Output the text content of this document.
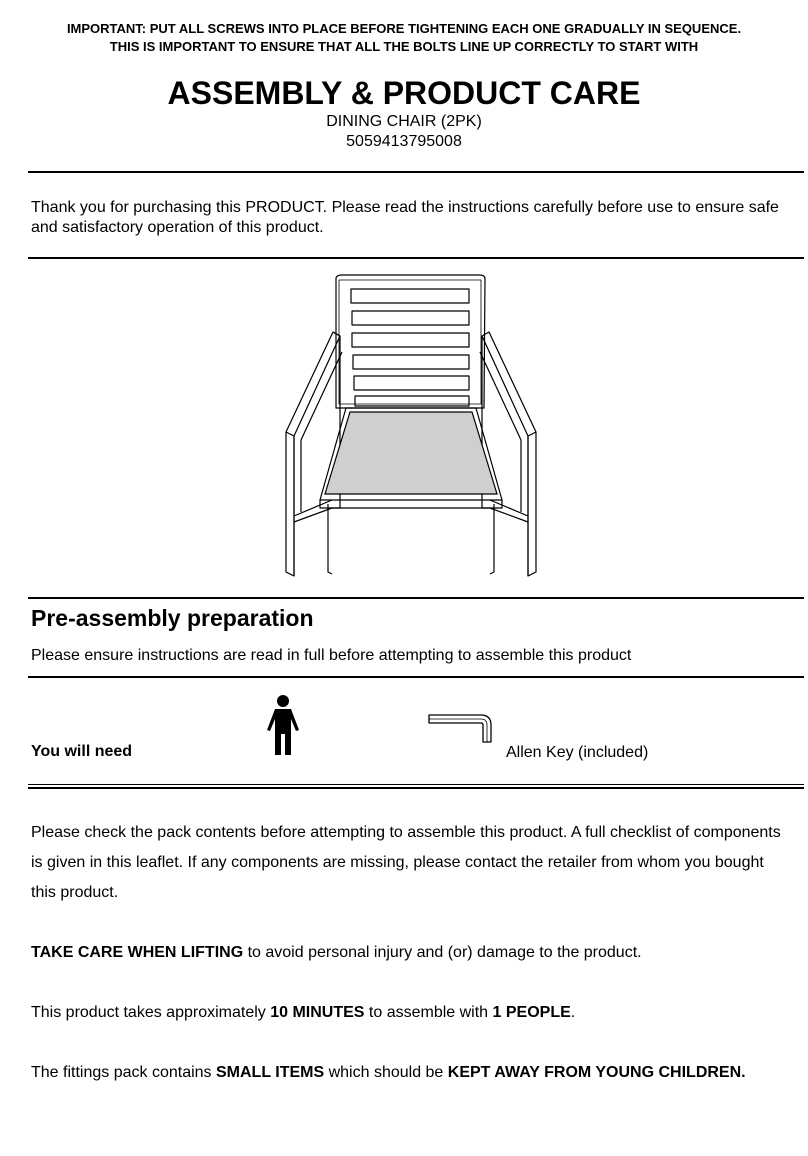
IMPORTANT: PUT ALL SCREWS INTO PLACE BEFORE TIGHTENING EACH ONE GRADUALLY IN SEQUENCE.
THIS IS IMPORTANT TO ENSURE THAT ALL THE BOLTS LINE UP CORRECTLY TO START WITH
ASSEMBLY & PRODUCT CARE
DINING CHAIR (2PK)
5059413795008
Thank you for purchasing this PRODUCT. Please read the instructions carefully before use to ensure safe and satisfactory operation of this product.
Pre-assembly preparation
Please ensure instructions are read in full before attempting to assemble this product
You will need	Allen Key (included)
Please check the pack contents before attempting to assemble this product. A full checklist of components is given in this leaflet. If any components are missing, please contact the retailer from whom you bought this product.
TAKE CARE WHEN LIFTING to avoid personal injury and (or) damage to the product.
This product takes approximately 10 MINUTES to assemble with 1 PEOPLE.
The fittings pack contains SMALL ITEMS which should be KEPT AWAY FROM YOUNG CHILDREN.
